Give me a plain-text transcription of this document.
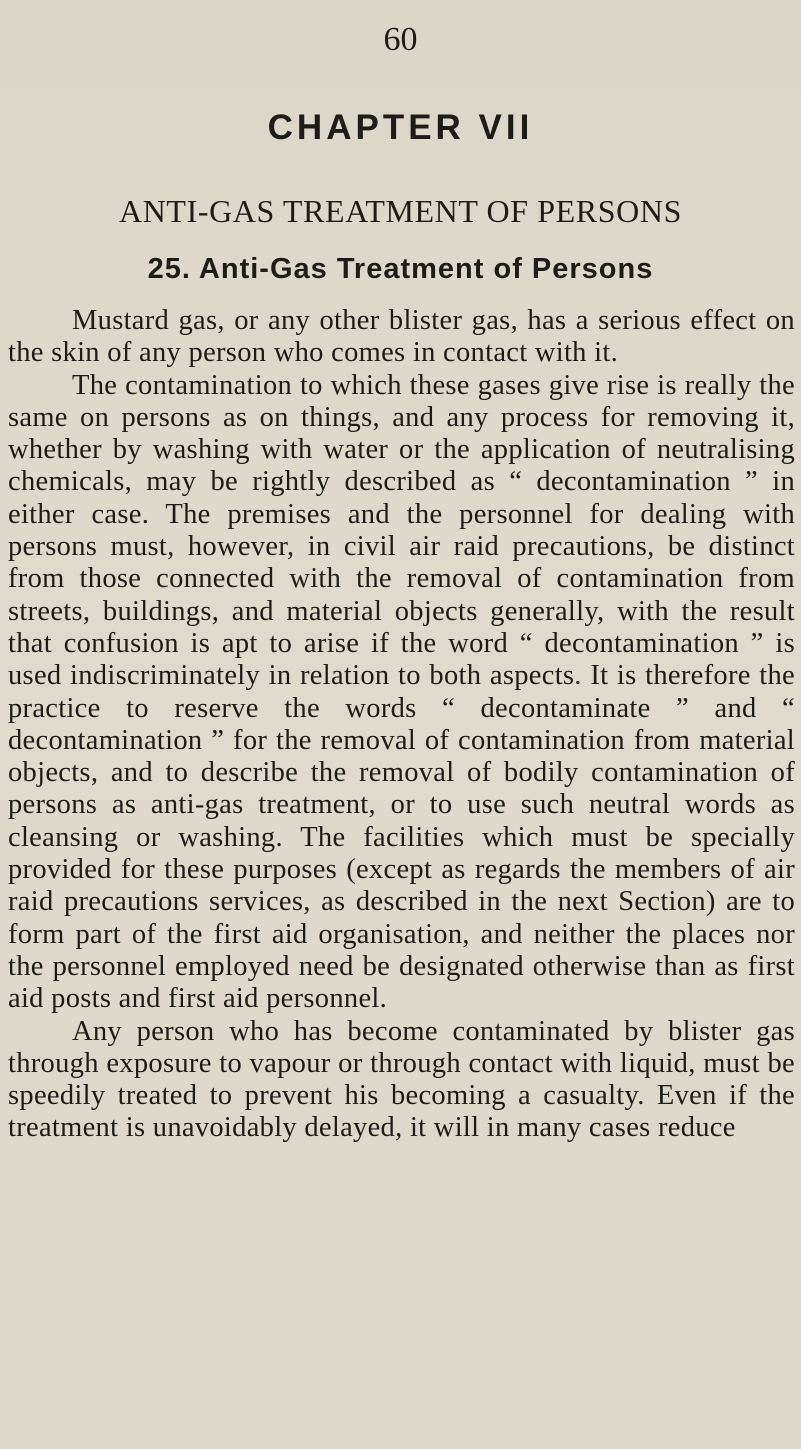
60
CHAPTER VII
ANTI-GAS TREATMENT OF PERSONS
25. Anti-Gas Treatment of Persons

Mustard gas, or any other blister gas, has a serious effect on the skin of any person who comes in contact with it.

The contamination to which these gases give rise is really the same on persons as on things, and any process for removing it, whether by washing with water or the application of neutralising chemicals, may be rightly described as “ decontamination ” in either case. The premises and the personnel for dealing with persons must, however, in civil air raid precautions, be distinct from those connected with the removal of contamination from streets, buildings, and material objects generally, with the result that confusion is apt to arise if the word “ decontamination ” is used indiscriminately in relation to both aspects. It is therefore the practice to reserve the words “ decontaminate ” and “ decontamination ” for the removal of contamination from material objects, and to describe the removal of bodily contamination of persons as anti-gas treatment, or to use such neutral words as cleansing or washing. The facilities which must be specially provided for these purposes (except as regards the members of air raid precautions services, as described in the next Section) are to form part of the first aid organisation, and neither the places nor the personnel employed need be designated otherwise than as first aid posts and first aid personnel.

Any person who has become contaminated by blister gas through exposure to vapour or through contact with liquid, must be speedily treated to prevent his becoming a casualty. Even if the treatment is unavoidably delayed, it will in many cases reduce
